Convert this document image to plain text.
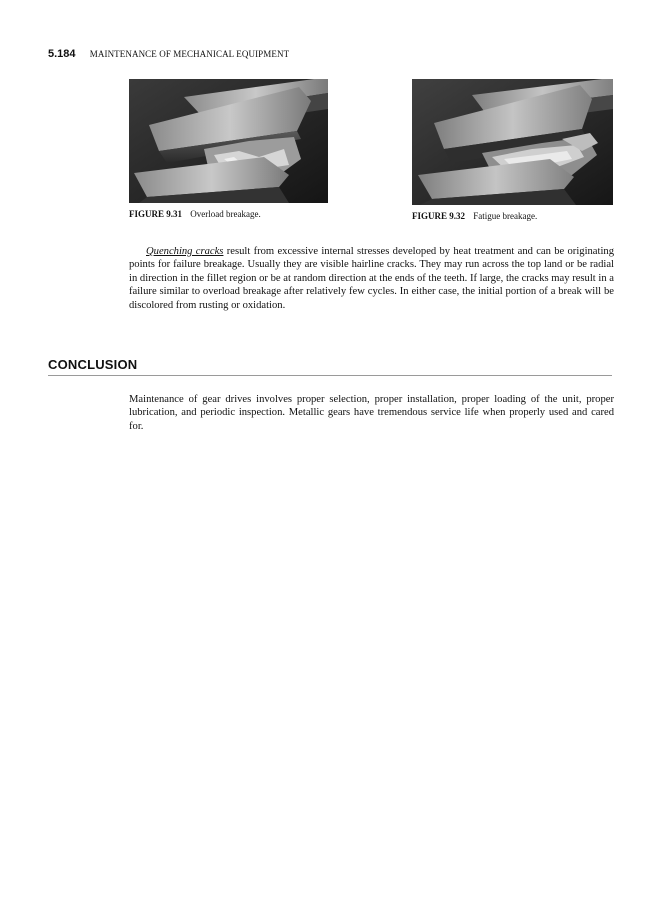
5.184 MAINTENANCE OF MECHANICAL EQUIPMENT
FIGURE 9.31 Overload breakage.	FIGURE 9.32 Fatigue breakage.

Quenching cracks result from excessive internal stresses developed by heat treatment and can be originating points for failure breakage. Usually they are visible hairline cracks. They may run across the top land or be radial in direction in the fillet region or be at random direction at the ends of the teeth. If large, the cracks may result in a failure similar to overload breakage after relatively few cycles. In either case, the initial portion of a break will be discolored from rusting or oxidation.

CONCLUSION

Maintenance of gear drives involves proper selection, proper installation, proper loading of the unit, proper lubrication, and periodic inspection. Metallic gears have tremendous service life when properly used and cared for.
